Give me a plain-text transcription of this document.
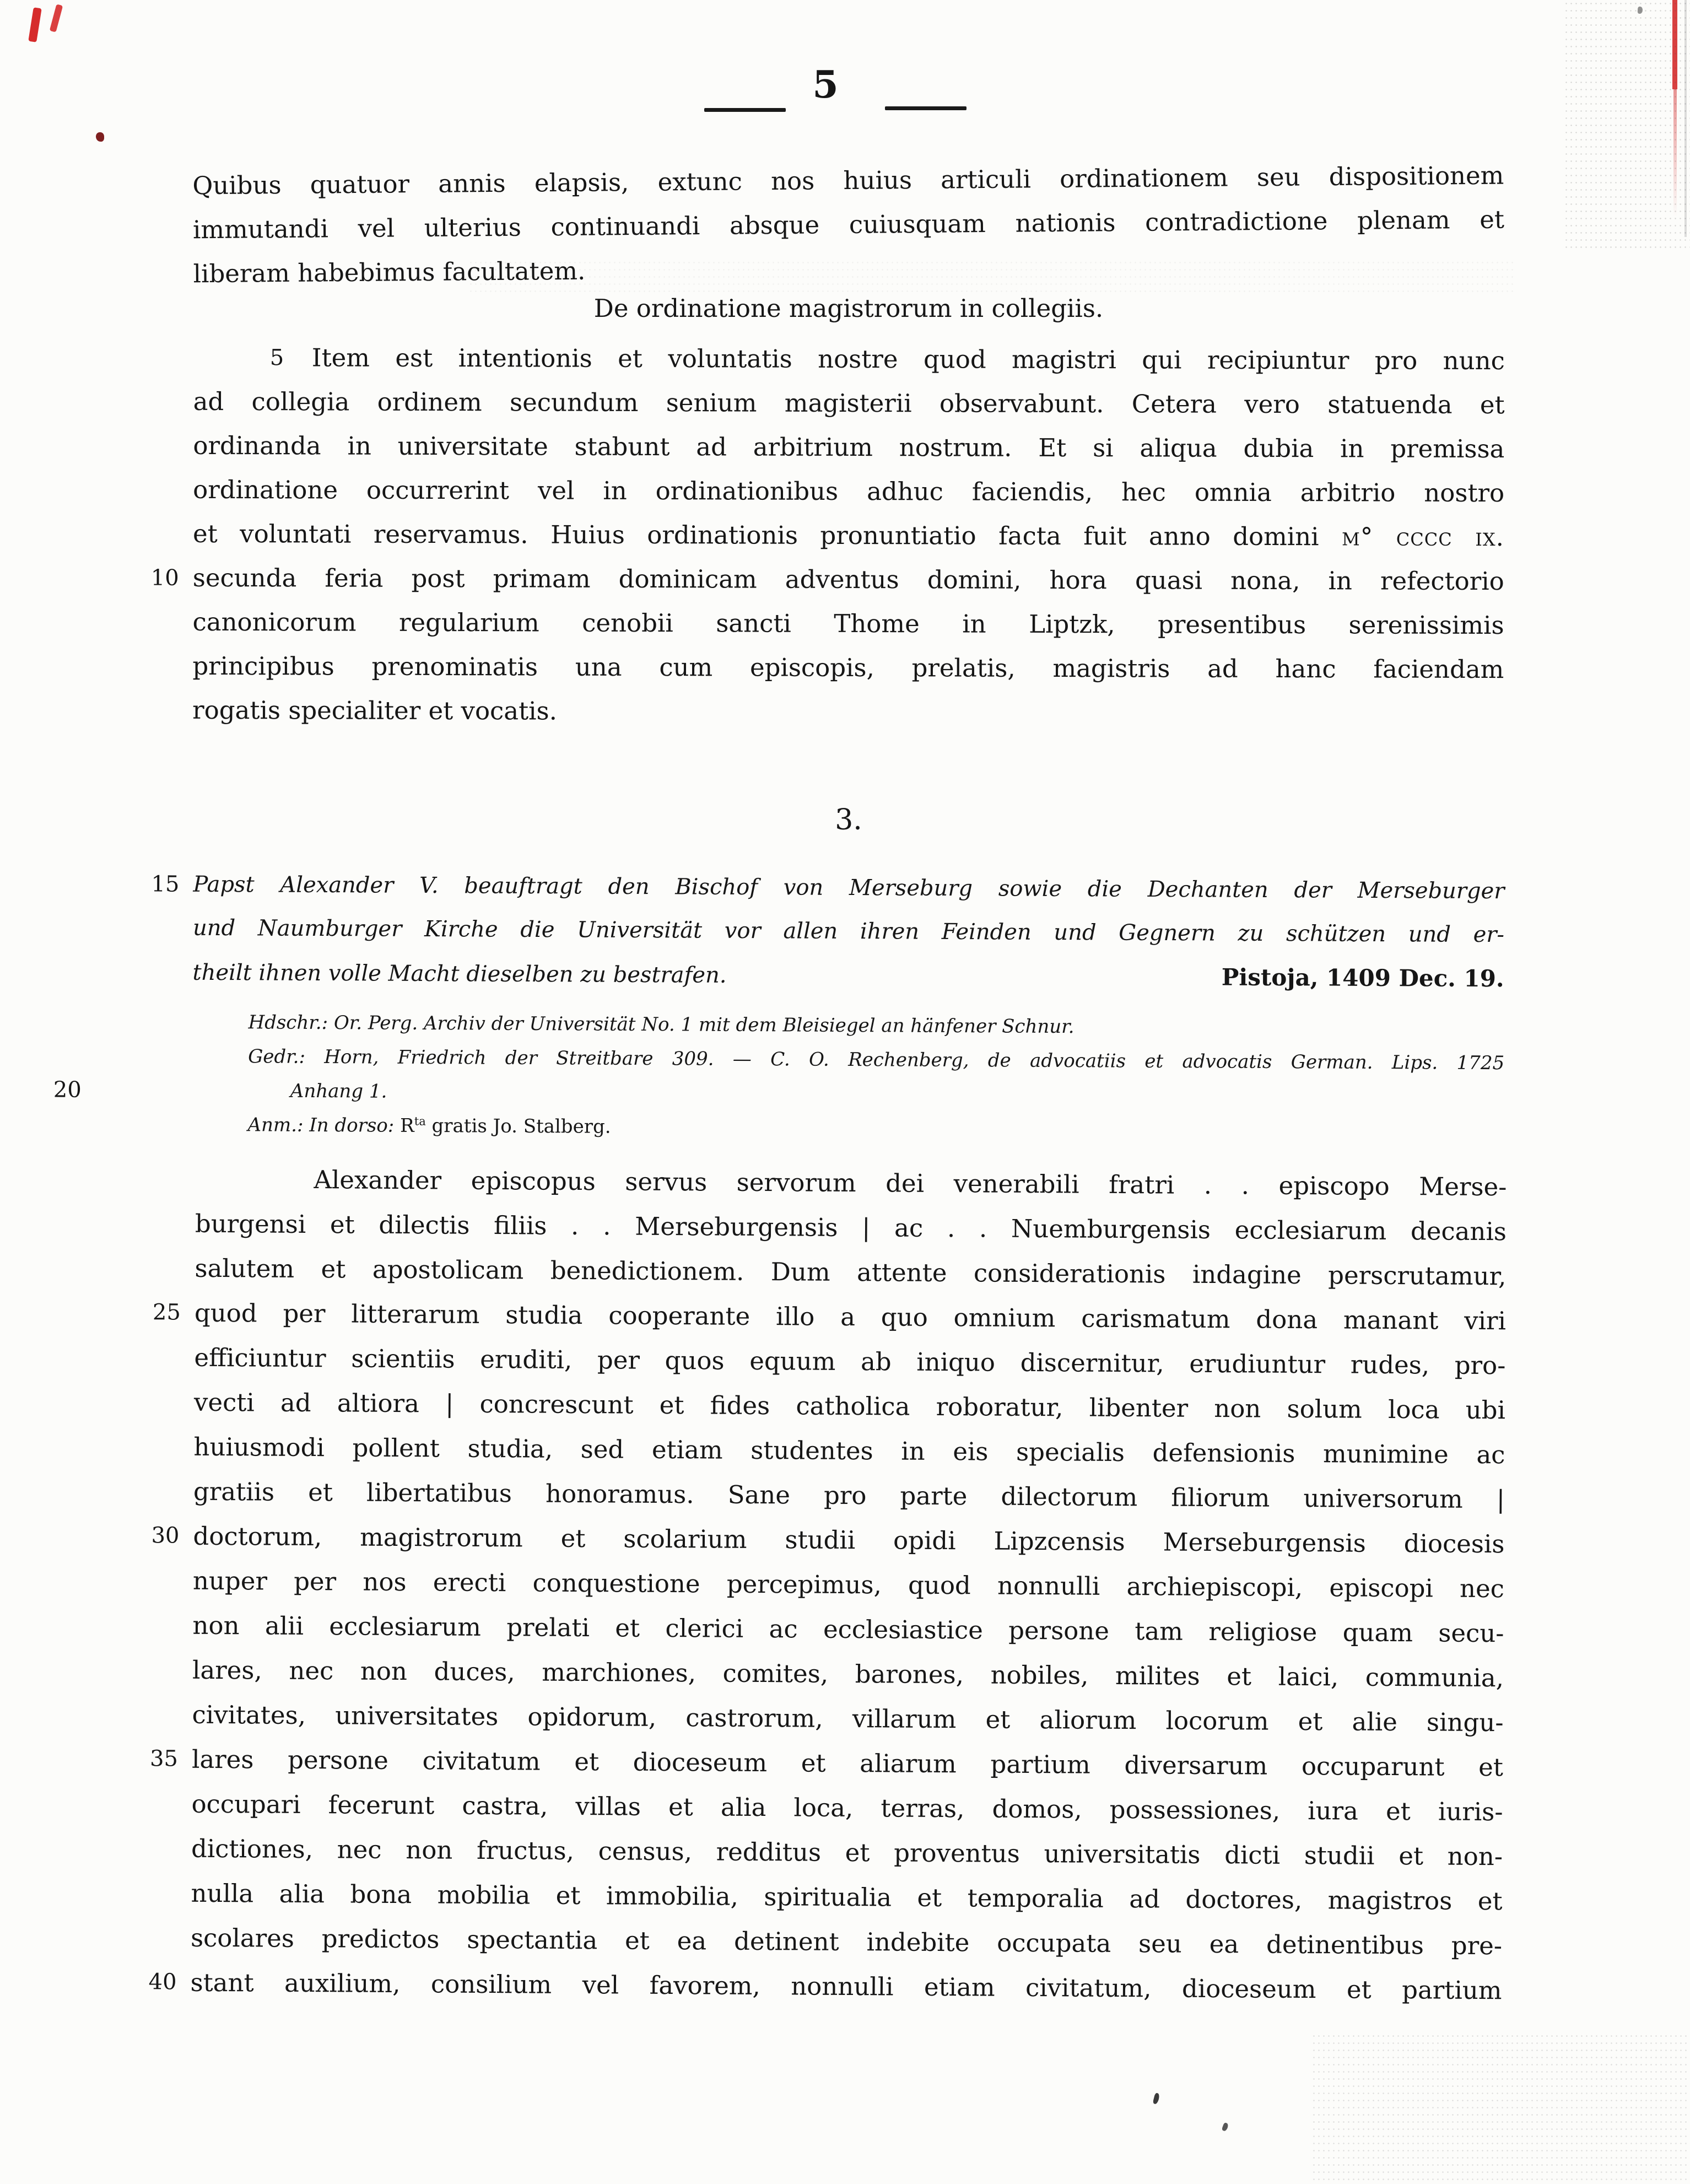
5
Quibus quatuor annis elapsis, extunc nos huius articuli ordinationem seu dispositionem
immutandi vel ulterius continuandi absque cuiusquam nationis contradictione plenam et
liberam habebimus facultatem.
De ordinatione magistrorum in collegiis.
5 Item est intentionis et voluntatis nostre quod magistri qui recipiuntur pro nunc
ad collegia ordinem secundum senium magisterii observabunt. Cetera vero statuenda et
ordinanda in universitate stabunt ad arbitrium nostrum. Et si aliqua dubia in premissa
ordinatione occurrerint vel in ordinationibus adhuc faciendis, hec omnia arbitrio nostro
et voluntati reservamus. Huius ordinationis pronuntiatio facta fuit anno domini m° cccc ix.
10 secunda feria post primam dominicam adventus domini, hora quasi nona, in refectorio
canonicorum regularium cenobii sancti Thome in Liptzk, presentibus serenissimis
principibus prenominatis una cum episcopis, prelatis, magistris ad hanc faciendam
rogatis specialiter et vocatis.
3.
15 Papst Alexander V. beauftragt den Bischof von Merseburg sowie die Dechanten der Merseburger
und Naumburger Kirche die Universität vor allen ihren Feinden und Gegnern zu schützen und er-
theilt ihnen volle Macht dieselben zu bestrafen.	Pistoja, 1409 Dec. 19.
Hdschr.: Or. Perg. Archiv der Universität No. 1 mit dem Bleisiegel an hänfener Schnur.
Gedr.: Horn, Friedrich der Streitbare 309. — C. O. Rechenberg, de advocatiis et advocatis German. Lips. 1725
20	Anhang 1.
Anm.: In dorso: $R^{ta}$ gratis Jo. Stalberg.
Alexander episcopus servus servorum dei venerabili fratri . . episcopo Merse-
burgensi et dilectis filiis . . Merseburgensis | ac . . Nuemburgensis ecclesiarum decanis
salutem et apostolicam benedictionem. Dum attente considerationis indagine perscrutamur,
25 quod per litterarum studia cooperante illo a quo omnium carismatum dona manant viri
efficiuntur scientiis eruditi, per quos equum ab iniquo discernitur, erudiuntur rudes, pro-
vecti ad altiora | concrescunt et fides catholica roboratur, libenter non solum loca ubi
huiusmodi pollent studia, sed etiam studentes in eis specialis defensionis munimine ac
gratiis et libertatibus honoramus. Sane pro parte dilectorum filiorum universorum |
30 doctorum, magistrorum et scolarium studii opidi Lipzcensis Merseburgensis diocesis
nuper per nos erecti conquestione percepimus, quod nonnulli archiepiscopi, episcopi nec
non alii ecclesiarum prelati et clerici ac ecclesiastice persone tam religiose quam secu-
lares, nec non duces, marchiones, comites, barones, nobiles, milites et laici, communia,
civitates, universitates opidorum, castrorum, villarum et aliorum locorum et alie singu-
35 lares persone civitatum et dioceseum et aliarum partium diversarum occuparunt et
occupari fecerunt castra, villas et alia loca, terras, domos, possessiones, iura et iuris-
dictiones, nec non fructus, census, redditus et proventus universitatis dicti studii et non-
nulla alia bona mobilia et immobilia, spiritualia et temporalia ad doctores, magistros et
scolares predictos spectantia et ea detinent indebite occupata seu ea detinentibus pre-
40 stant auxilium, consilium vel favorem, nonnulli etiam civitatum, dioceseum et partium
